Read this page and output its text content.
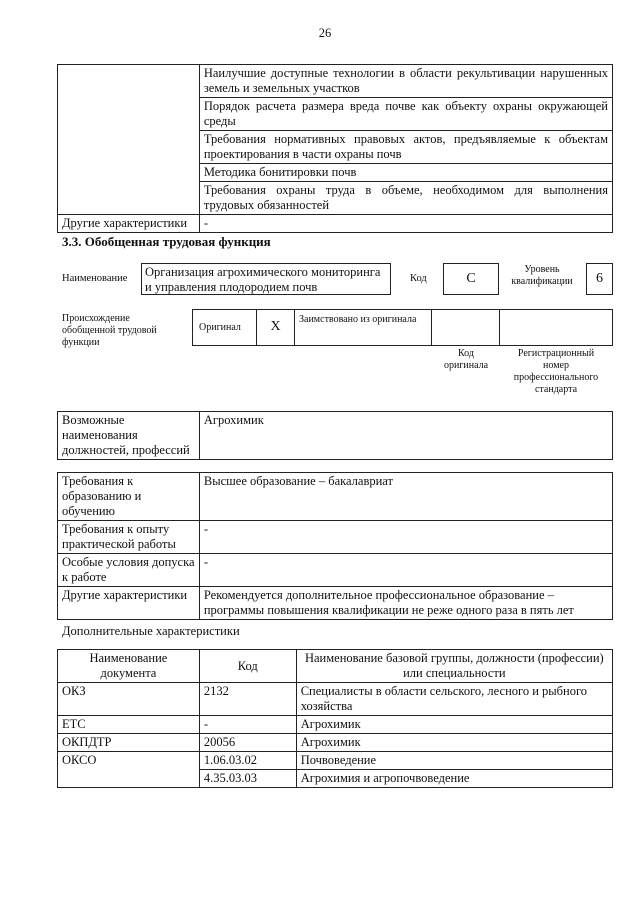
26
	Наилучшие доступные технологии в области рекультивации нарушенных земель и земельных участков
	Порядок расчета размера вреда почве как объекту охраны окружающей среды
	Требования нормативных правовых актов, предъявляемые к объектам проектирования в части охраны почв
	Методика бонитировки почв
	Требования охраны труда в объеме, необходимом для выполнения трудовых обязанностей
Другие характеристики	-
3.3. Обобщенная трудовая функция
Наименование	Организация агрохимического мониторинга и управления плодородием почв
Код	C
Уровень квалификации	6
Происхождение обобщенной трудовой функции
Оригинал	X	Заимствовано из оригинала
Код оригинала
Регистрационный номер профессионального стандарта
Возможные наименования должностей, профессий	Агрохимик
Требования к образованию и обучению	Высшее образование – бакалавриат
Требования к опыту практической работы	-
Особые условия допуска к работе	-
Другие характеристики	Рекомендуется дополнительное профессиональное образование – программы повышения квалификации не реже одного раза в пять лет
Дополнительные характеристики
Наименование документа	Код	Наименование базовой группы, должности (профессии) или специальности
ОКЗ	2132	Специалисты в области сельского, лесного и рыбного хозяйства
ЕТС	-	Агрохимик
ОКПДТР	20056	Агрохимик
ОКСО	1.06.03.02	Почвоведение
	4.35.03.03	Агрохимия и агропочвоведение
